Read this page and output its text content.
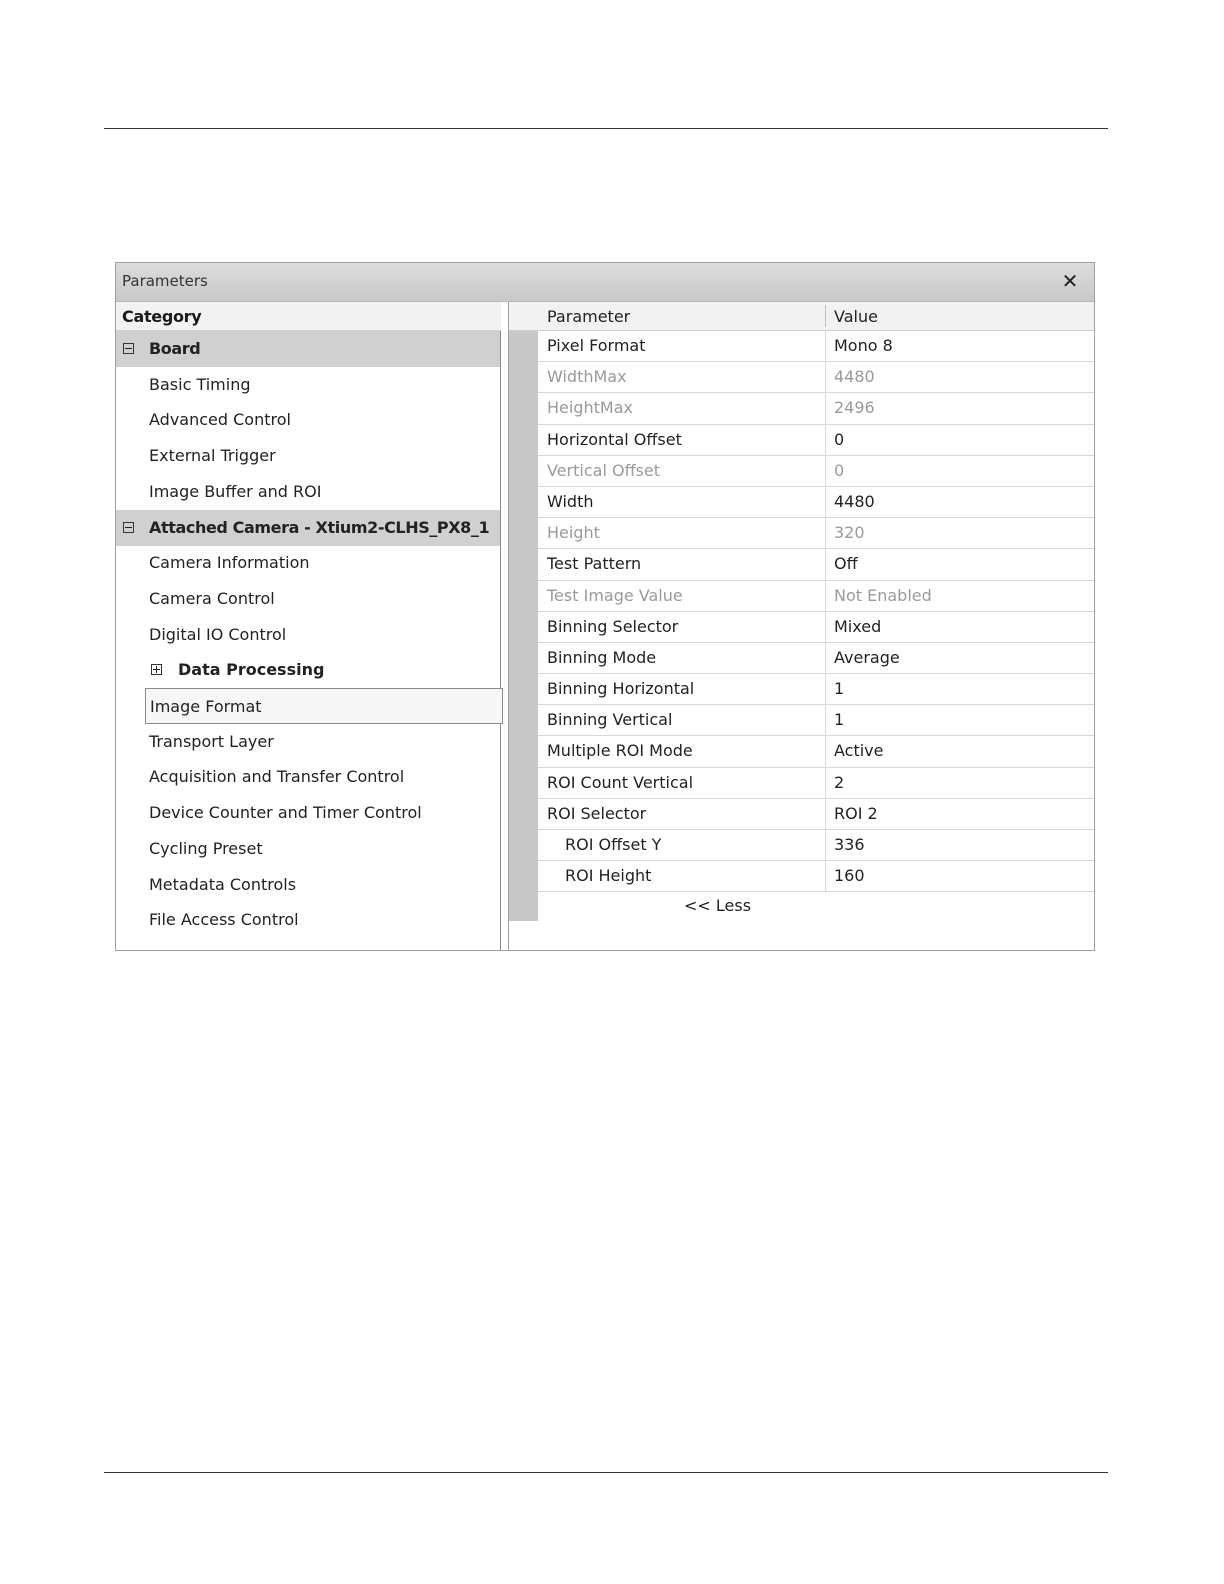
Parameters	✕
Category
Board
Basic Timing
Advanced Control
External Trigger
Image Buffer and ROI
Attached Camera - Xtium2-CLHS_PX8_1
Camera Information
Camera Control
Digital IO Control
Data Processing
Image Format
Transport Layer
Acquisition and Transfer Control
Device Counter and Timer Control
Cycling Preset
Metadata Controls
File Access Control
Parameter	Value
Pixel Format	Mono 8
WidthMax	4480
HeightMax	2496
Horizontal Offset	0
Vertical Offset	0
Width	4480
Height	320
Test Pattern	Off
Test Image Value	Not Enabled
Binning Selector	Mixed
Binning Mode	Average
Binning Horizontal	1
Binning Vertical	1
Multiple ROI Mode	Active
ROI Count Vertical	2
ROI Selector	ROI 2
ROI Offset Y	336
ROI Height	160
<< Less
